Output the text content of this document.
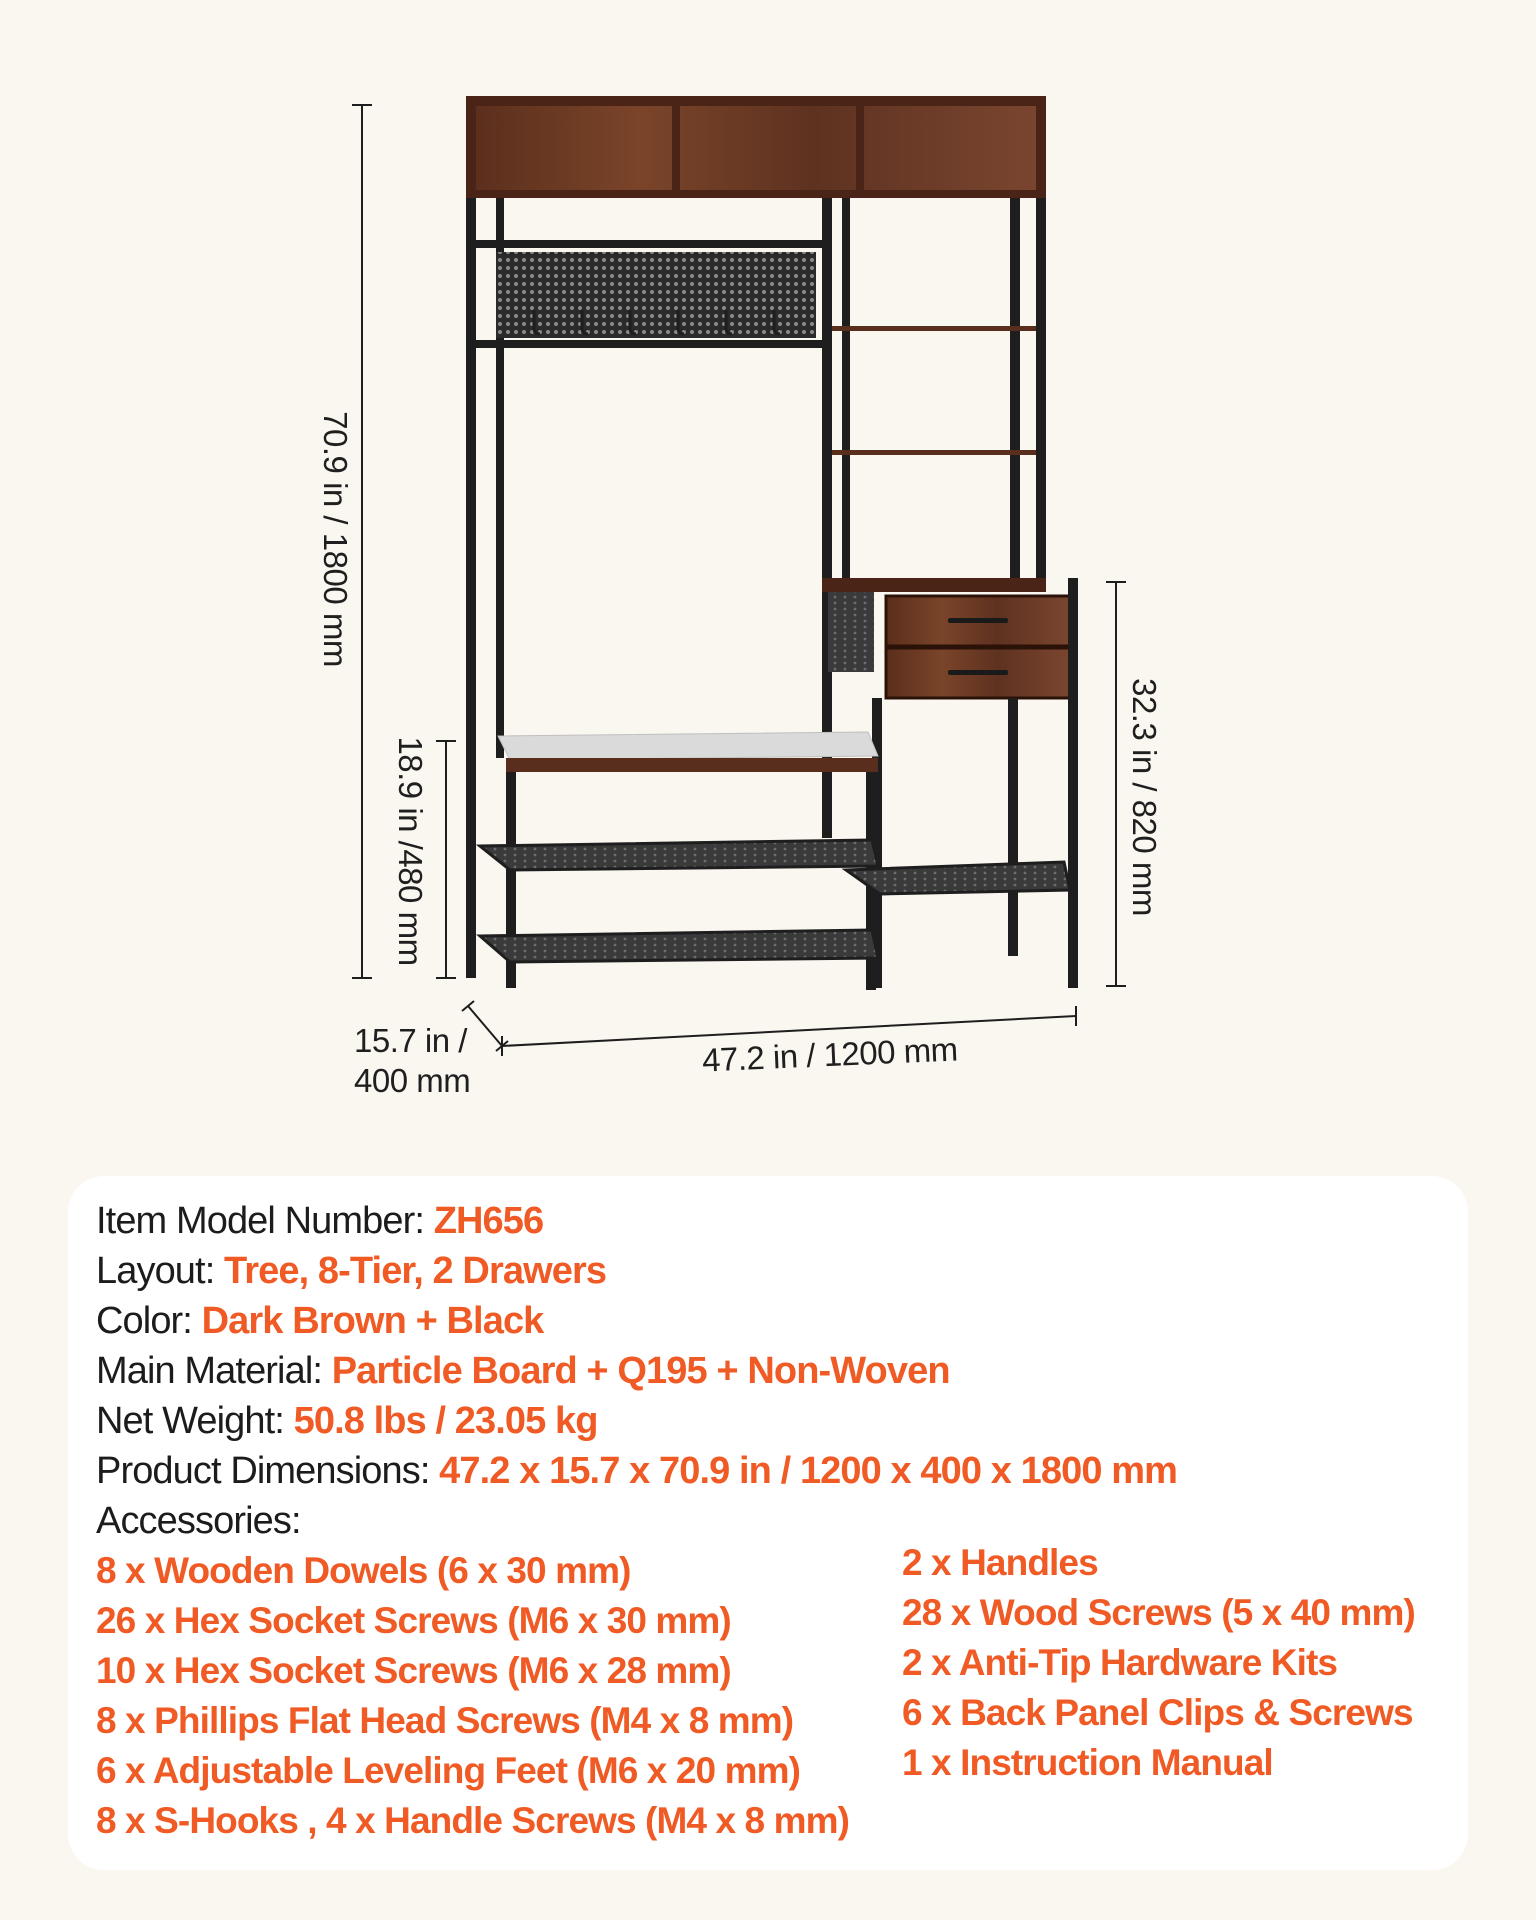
70.9 in / 1800 mm
18.9 in /480 mm	32.3 in / 820 mm
15.7 in /
400 mm
47.2 in / 1200 mm
Item Model Number: ZH656
Layout: Tree, 8-Tier, 2 Drawers
Color: Dark Brown + Black
Main Material: Particle Board + Q195 + Non-Woven
Net Weight: 50.8 lbs / 23.05 kg
Product Dimensions: 47.2 x 15.7 x 70.9 in / 1200 x 400 x 1800 mm
Accessories:
8 x Wooden Dowels (6 x 30 mm)
26 x Hex Socket Screws (M6 x 30 mm)
10 x Hex Socket Screws (M6 x 28 mm)
8 x Phillips Flat Head Screws (M4 x 8 mm)
6 x Adjustable Leveling Feet (M6 x 20 mm)
8 x S-Hooks , 4 x Handle Screws (M4 x 8 mm)
2 x Handles
28 x Wood Screws (5 x 40 mm)
2 x Anti-Tip Hardware Kits
6 x Back Panel Clips & Screws
1 x Instruction Manual
